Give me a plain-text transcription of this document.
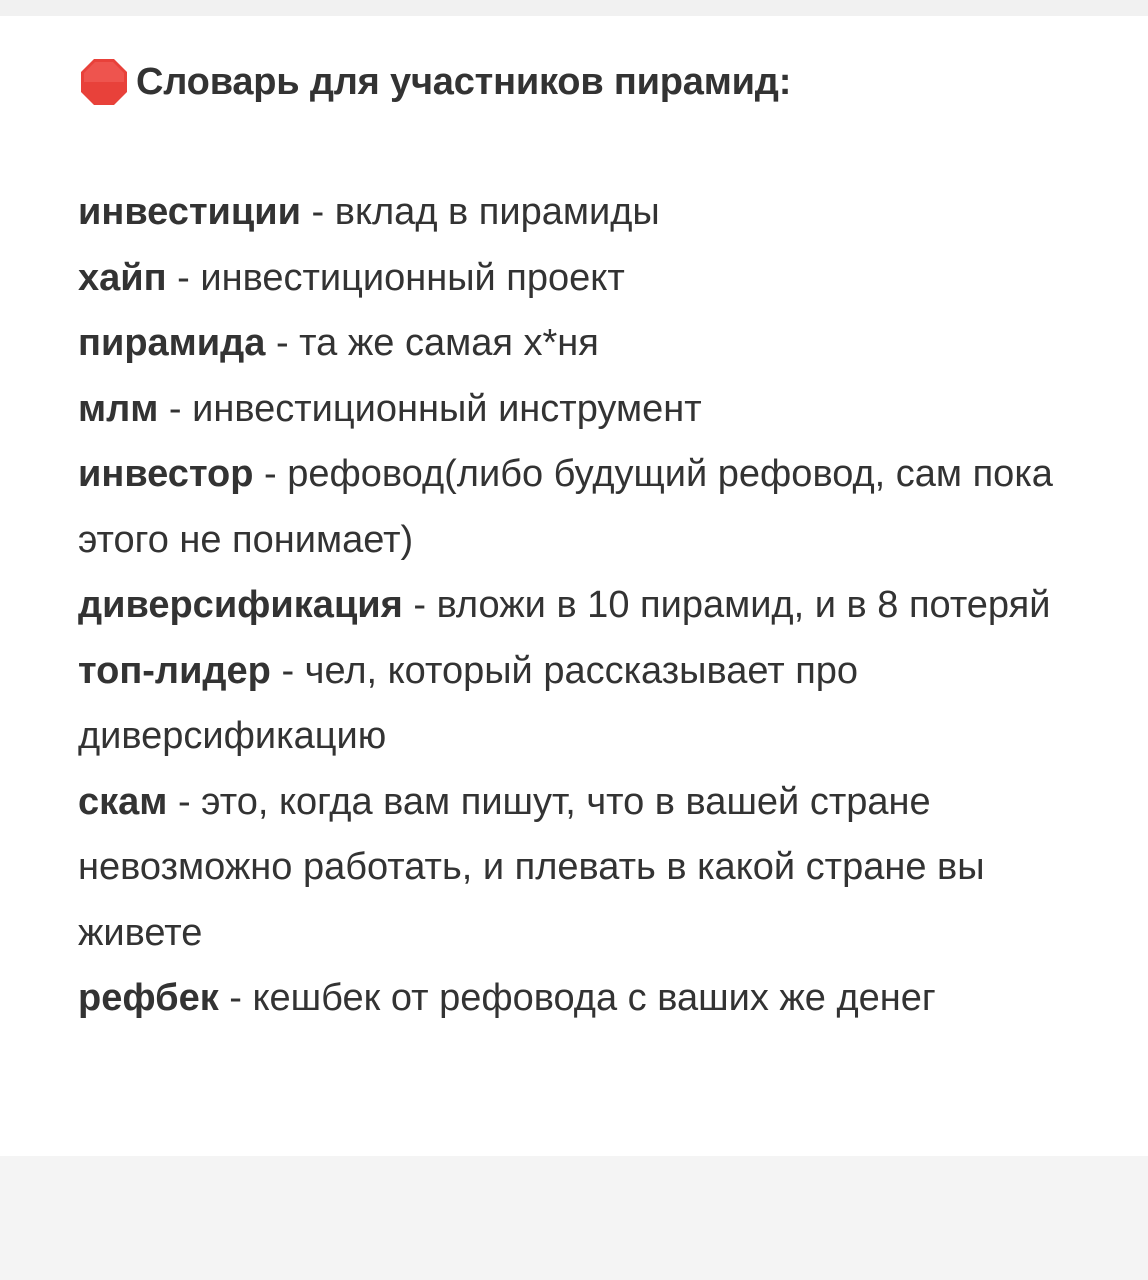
Словарь для участников пирамид:

инвестиции - вклад в пирамиды

хайп - инвестиционный проект

пирамида - та же самая х*ня

млм - инвестиционный инструмент

инвестор - рефовод(либо будущий рефовод, сам пока этого не понимает)

диверсификация - вложи в 10 пирамид, и в 8 потеряй

топ-лидер - чел, который рассказывает про диверсификацию

скам - это, когда вам пишут, что в вашей стране невозможно работать, и плевать в какой стране вы живете

рефбек - кешбек от рефовода с ваших же денег
